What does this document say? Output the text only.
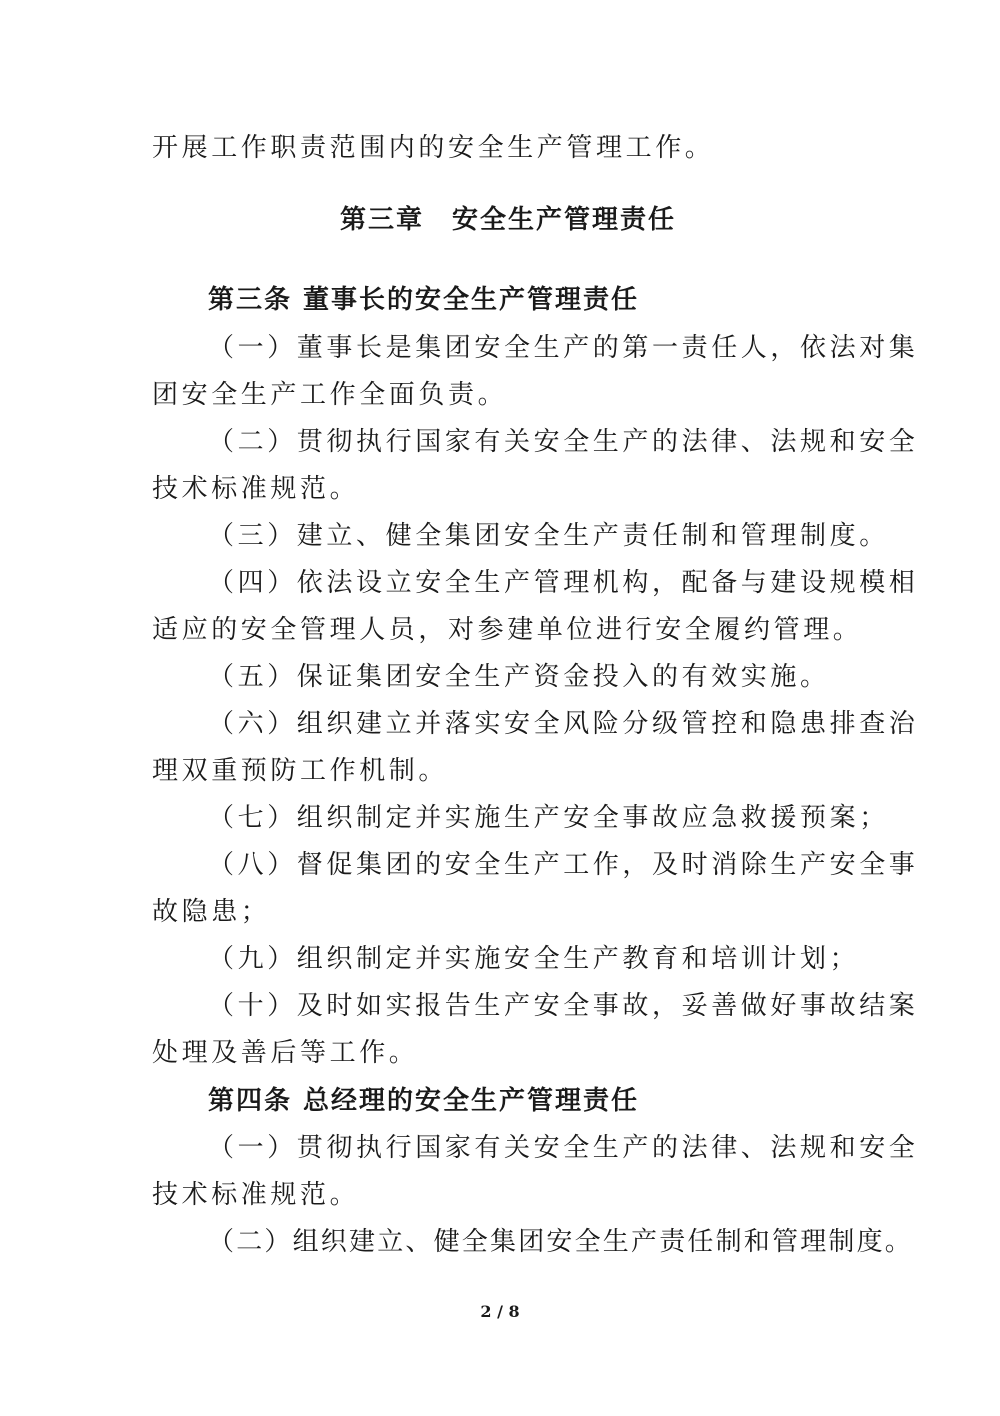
开展工作职责范围内的安全生产管理工作。
第三章　安全生产管理责任
第三条 董事长的安全生产管理责任
（一）董事长是集团安全生产的第一责任人，依法对集
团安全生产工作全面负责。
（二）贯彻执行国家有关安全生产的法律、法规和安全
技术标准规范。
（三）建立、健全集团安全生产责任制和管理制度。
（四）依法设立安全生产管理机构，配备与建设规模相
适应的安全管理人员，对参建单位进行安全履约管理。
（五）保证集团安全生产资金投入的有效实施。
（六）组织建立并落实安全风险分级管控和隐患排查治
理双重预防工作机制。
（七）组织制定并实施生产安全事故应急救援预案；
（八）督促集团的安全生产工作，及时消除生产安全事
故隐患；
（九）组织制定并实施安全生产教育和培训计划；
（十）及时如实报告生产安全事故，妥善做好事故结案
处理及善后等工作。
第四条 总经理的安全生产管理责任
（一）贯彻执行国家有关安全生产的法律、法规和安全
技术标准规范。
（二）组织建立、健全集团安全生产责任制和管理制度。
2 / 8
